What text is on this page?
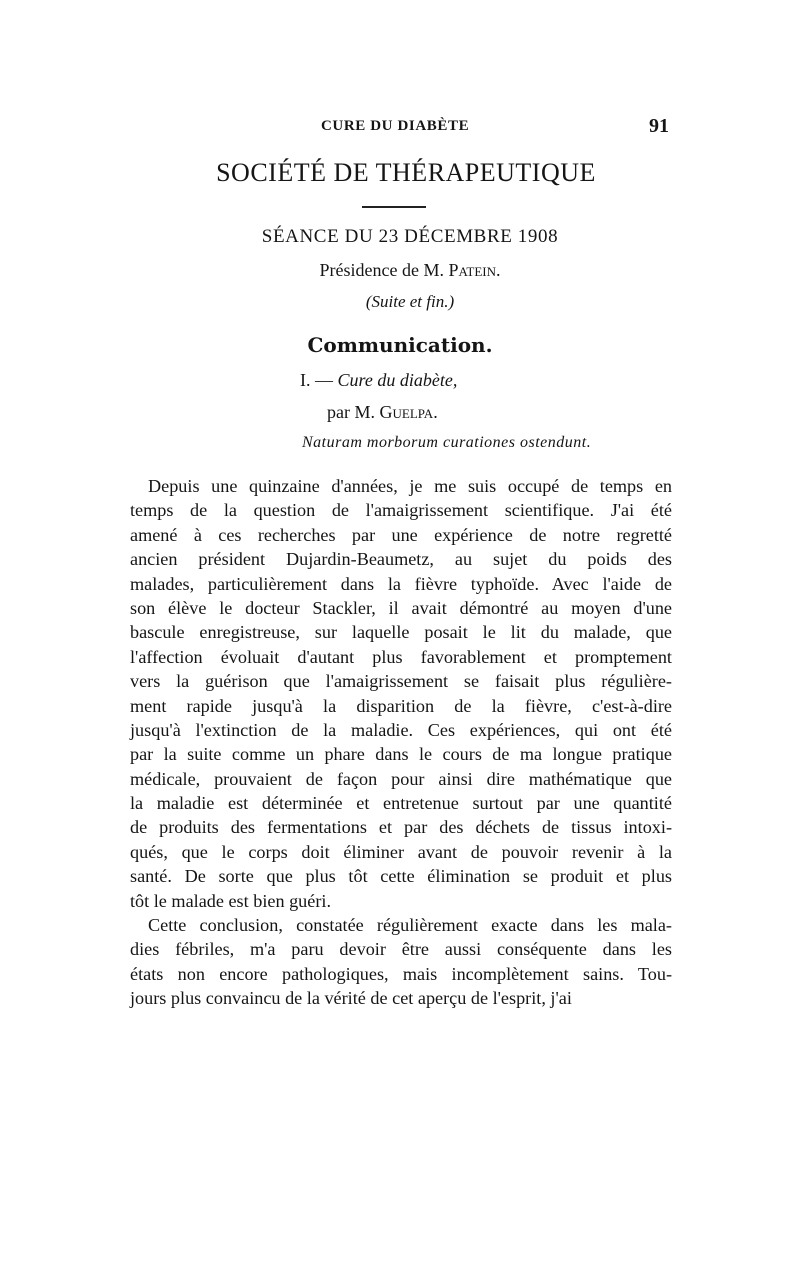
CURE DU DIABÈTE	91
SOCIÉTÉ DE THÉRAPEUTIQUE
SÉANCE DU 23 DÉCEMBRE 1908
Présidence de M. Patein.
(Suite et fin.)
Communication.
I. — Cure du diabète,
par M. Guelpa.
Naturam morborum curationes ostendunt.
Depuis une quinzaine d'années, je me suis occupé de temps en
temps de la question de l'amaigrissement scientifique. J'ai été
amené à ces recherches par une expérience de notre regretté
ancien président Dujardin-Beaumetz, au sujet du poids des
malades, particulièrement dans la fièvre typhoïde. Avec l'aide de
son élève le docteur Stackler, il avait démontré au moyen d'une
bascule enregistreuse, sur laquelle posait le lit du malade, que
l'affection évoluait d'autant plus favorablement et promptement
vers la guérison que l'amaigrissement se faisait plus régulière-
ment rapide jusqu'à la disparition de la fièvre, c'est-à-dire
jusqu'à l'extinction de la maladie. Ces expériences, qui ont été
par la suite comme un phare dans le cours de ma longue pratique
médicale, prouvaient de façon pour ainsi dire mathématique que
la maladie est déterminée et entretenue surtout par une quantité
de produits des fermentations et par des déchets de tissus intoxi-
qués, que le corps doit éliminer avant de pouvoir revenir à la
santé. De sorte que plus tôt cette élimination se produit et plus
tôt le malade est bien guéri.
Cette conclusion, constatée régulièrement exacte dans les mala-
dies fébriles, m'a paru devoir être aussi conséquente dans les
états non encore pathologiques, mais incomplètement sains. Tou-
jours plus convaincu de la vérité de cet aperçu de l'esprit, j'ai
